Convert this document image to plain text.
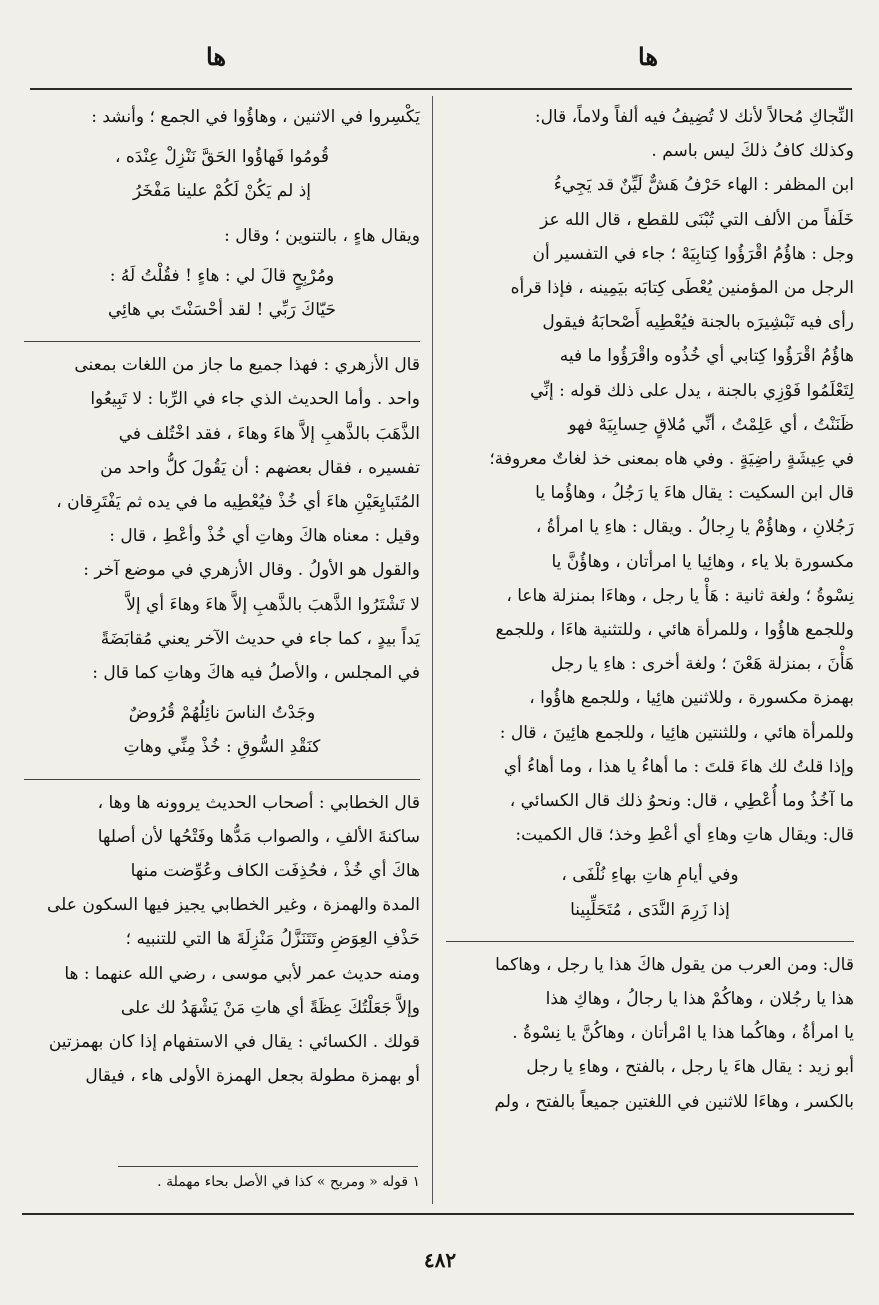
ها
ها

النِّجاكِ مُحالاً لأنك لا تُضِيفُ فيه ألفاً ولاماً، قال:

وكذلك كافُ ذلكَ ليس باسم .

ابن المظفر : الهاء حَرْفُ هَشٌّ لَيِّنٌ قد يَجِيءُ

خَلَفاً من الألف التي تُبْنَى للقطع ، قال الله عز

وجل : هاؤُمُ اقْرَؤُوا كِتابِيَهْ ؛ جاء في التفسير أن

الرجل من المؤمنين يُعْطَى كِتابَه بيَمِينه ، فإذا قرأه

رأى فيه تَبْشِيرَه بالجنة فيُعْطِيه أَصْحابَهُ فيقول

هاؤُمُ اقْرَؤُوا كِتابي أي خُذُوه واقْرَؤُوا ما فيه

لِتَعْلَمُوا فَوْزِي بالجنة ، يدل على ذلك قوله : إنِّي

ظَنَنْتُ ، أي عَلِمْتُ ، أنِّي مُلاقٍ حِسابِيَهْ فهو

في عِيشَةٍ راضِيَةٍ . وفي هاه بمعنى خذ لغاتٌ معروفة؛

قال ابن السكيت : يقال هاءَ يا رَجُلُ ، وهاؤُما يا

رَجُلانِ ، وهاؤُمْ يا رِجالُ . ويقال : هاءِ يا امرأةُ ،

مكسورة بلا ياء ، وهائِيا يا امرأتان ، وهاؤُنَّ يا

نِسْوةُ ؛ ولغة ثانية : هَأْ يا رجل ، وهاءَا بمنزلة هاعا ،

وللجمع هاؤُوا ، وللمرأة هائي ، وللتثنية هاءَا ، وللجمع

هَأْنَ ، بمنزلة هَعْنَ ؛ ولغة أخرى : هاءِ يا رجل

بهمزة مكسورة ، وللاثنين هائِيا ، وللجمع هاؤُوا ،

وللمرأة هائي ، وللثنتين هائِيا ، وللجمع هائِينَ ، قال :

وإذا قلتُ لك هاءَ قلتَ : ما أهاءُ يا هذا ، وما أهاءُ أي

ما آخُذُ وما أُعْطِي ، قال: ونحوُ ذلك قال الكسائي ،

قال: ويقال هاتِ وهاءِ أي أعْطِ وخذ؛ قال الكميت:

وفي أيامِ هاتِ بهاءِ نُلْفَى ،

إذا زَرِمَ النَّدَى ، مُتَحَلِّبِينا

قال: ومن العرب من يقول هاكَ هذا يا رجل ، وهاكما

هذا يا رجُلان ، وهاكُمْ هذا يا رجالُ ، وهاكِ هذا

يا امرأةُ ، وهاكُما هذا يا امْرأتان ، وهاكُنَّ يا نِسْوةُ .

أبو زيد : يقال هاءَ يا رجل ، بالفتح ، وهاءِ يا رجل

بالكسر ، وهاءَا للاثنين في اللغتين جميعاً بالفتح ، ولم

يَكْسِروا في الاثنين ، وهاؤُوا في الجمع ؛ وأنشد :

قُومُوا فَهاؤُوا الحَقَّ نَنْزِلْ عِنْدَه ،

إذ لم يَكُنْ لَكُمْ علينا مَفْخَرُ

ويقال هاءٍ ، بالتنوين ؛ وقال :

ومُرْبِحٍ قالَ لي : هاءٍ ! فقُلْتُ لَهُ :

حَيّاكَ رَبِّي ! لقد أحْسَنْتَ بي هائِي

قال الأزهري : فهذا جميع ما جاز من اللغات بمعنى

واحد . وأما الحديث الذي جاء في الرِّبا : لا تَبِيعُوا

الذَّهَبَ بالذَّهبِ إلاَّ هاءَ وهاءَ ، فقد اخْتُلف في

تفسيره ، فقال بعضهم : أن يَقُولَ كلُّ واحد من

المُتَبايِعَيْنِ هاءَ أي خُذْ فيُعْطِيه ما في يده ثم يَفْتَرِقان ،

وقيل : معناه هاكَ وهاتِ أي خُذْ وأعْطِ ، قال :

والقول هو الأولُ . وقال الأزهري في موضع آخر :

لا تَشْتَرُوا الذَّهبَ بالذَّهبِ إلاَّ هاءَ وهاءَ أي إلاَّ

يَداً بيدٍ ، كما جاء في حديث الآخر يعني مُقابَضَةً

في المجلس ، والأصلُ فيه هاكَ وهاتِ كما قال :

وجَدْتُ الناسَ نائِلُهُمْ قُرُوضٌ

كنَقْدِ السُّوقِ : خُذْ مِنِّي وهاتِ

قال الخطابي : أصحاب الحديث يروونه ها وها ،

ساكنةَ الألفِ ، والصواب مَدُّها وفَتْحُها لأن أصلها

هاكَ أي خُذْ ، فحُذِفَت الكاف وعُوِّضت منها

المدة والهمزة ، وغير الخطابي يجيز فيها السكون على

حَذْفِ العِوَضِ وتَتَنَزَّلُ مَنْزِلَةَ ها التي للتنبيه ؛

ومنه حديث عمر لأبي موسى ، رضي الله عنهما : ها

وإلاَّ جَعَلْتُكَ عِظَةً أي هاتِ مَنْ يَشْهَدُ لك على

قولك . الكسائي : يقال في الاستفهام إذا كان بهمزتين

أو بهمزة مطولة بجعل الهمزة الأولى هاء ، فيقال

١ قوله « ومربح » كذا في الأصل بحاء مهملة .
٤٨٢
